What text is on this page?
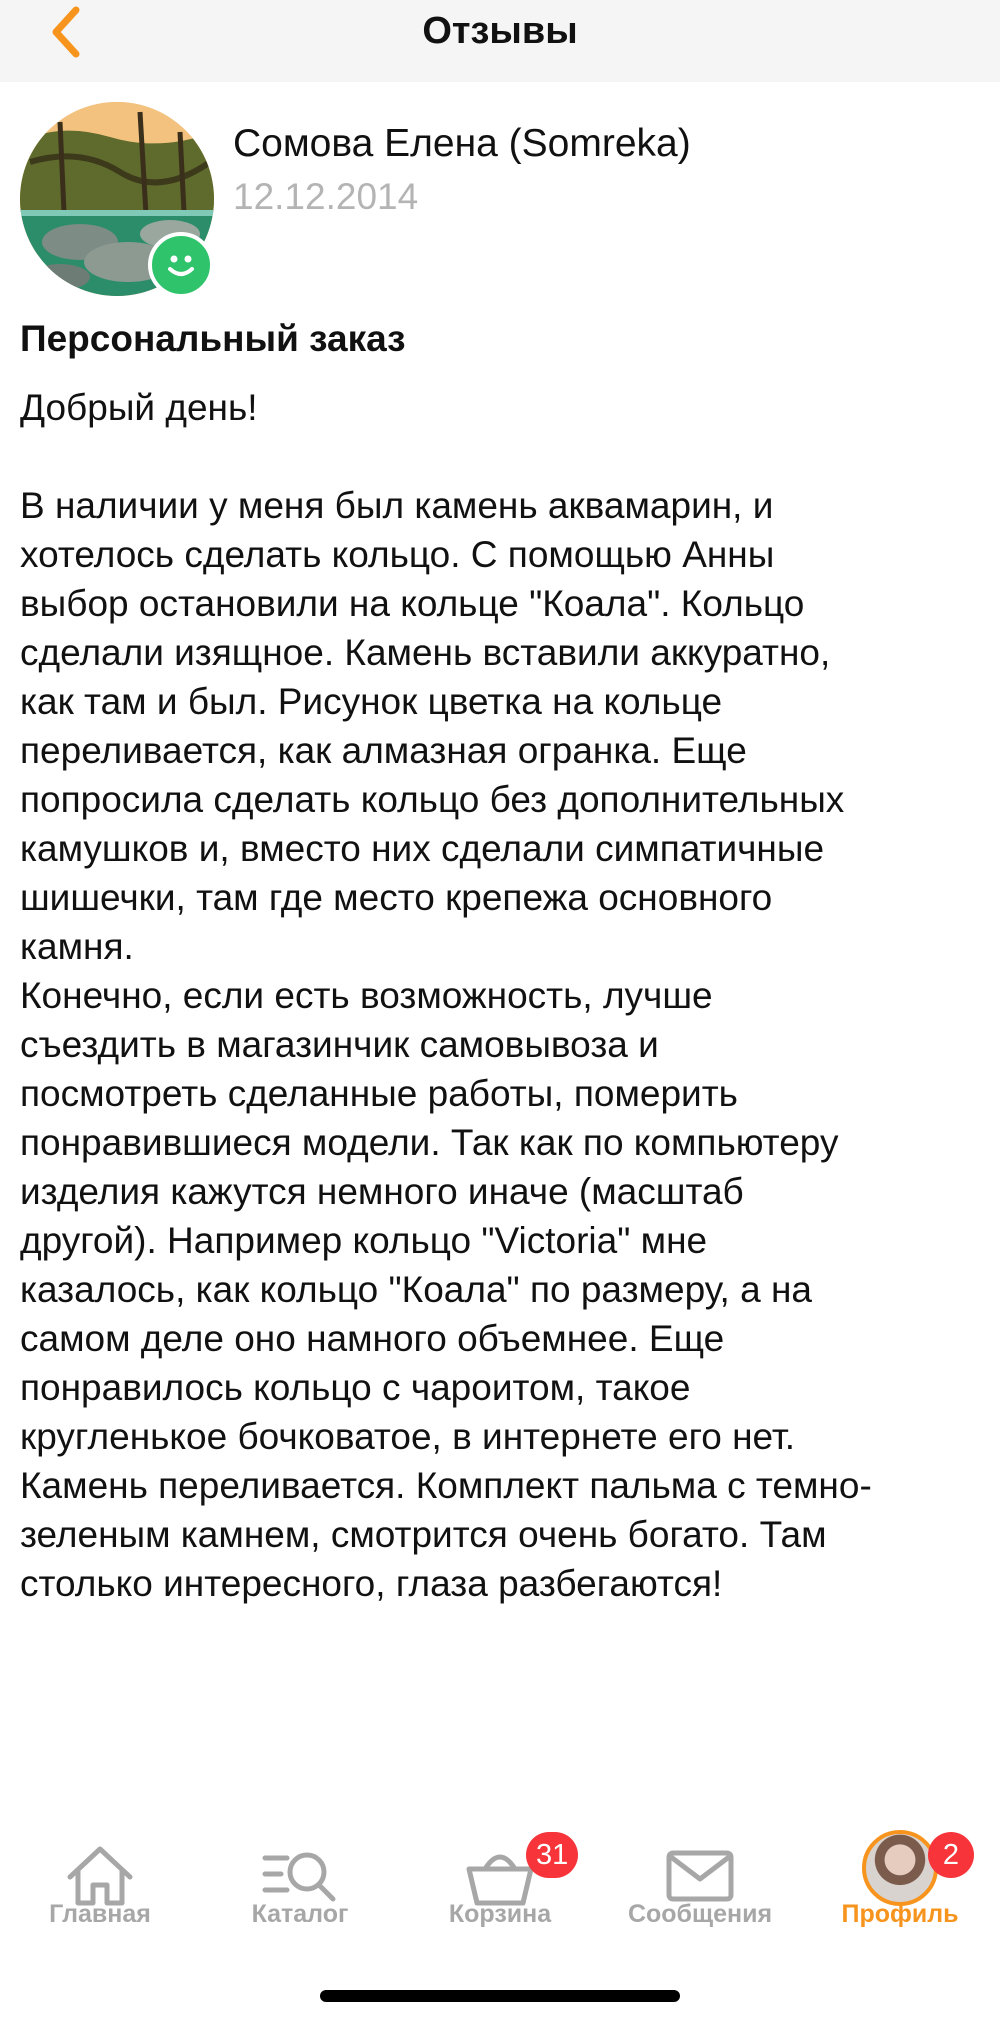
Отзывы
Сомова Елена (Somreka)
12.12.2014
Персональный заказ
Добрый день!

В наличии у меня был камень аквамарин, и
хотелось сделать кольцо. С помощью Анны
выбор остановили на кольце "Коала". Кольцо
сделали изящное. Камень вставили аккуратно,
как там и был. Рисунок цветка на кольце
переливается, как алмазная огранка. Еще
попросила сделать кольцо без дополнительных
камушков и, вместо них сделали симпатичные
шишечки, там где место крепежа основного
камня.
Конечно, если есть возможность, лучше
съездить в магазинчик самовывоза и
посмотреть сделанные работы, померить
понравившиеся модели. Так как по компьютеру
изделия кажутся немного иначе (масштаб
другой). Например кольцо "Victoria" мне
казалось, как кольцо "Коала" по размеру, а на
самом деле оно намного объемнее. Еще
понравилось кольцо с чароитом, такое
кругленькое бочковатое, в интернете его нет.
Камень переливается. Комплект пальма с темно-
зеленым камнем, смотрится очень богато. Там
столько интересного, глаза разбегаются!
Главная	Каталог
31
Корзина	Сообщения
2
Профиль
